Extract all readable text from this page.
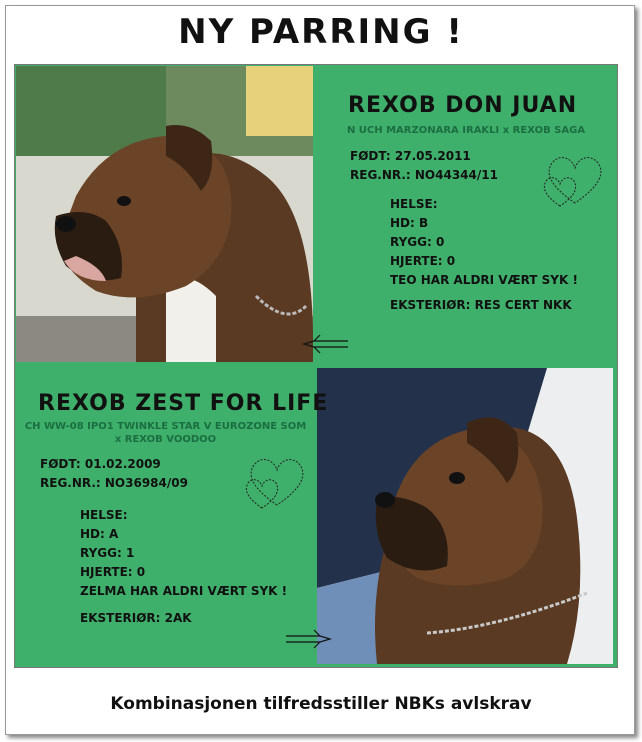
NY PARRING !
REXOB DON JUAN
N UCH MARZONARA IRAKLI x REXOB SAGA
FØDT: 27.05.2011
REG.NR.: NO44344/11
HELSE:
HD: B
RYGG: 0
HJERTE: 0
TEO HAR ALDRI VÆRT SYK !
EKSTERIØR: RES CERT NKK
REXOB ZEST FOR LIFE
CH WW-08 IPO1 TWINKLE STAR V EUROZONE SOM
x REXOB VOODOO
FØDT: 01.02.2009
REG.NR.: NO36984/09
HELSE:
HD: A
RYGG: 1
HJERTE: 0
ZELMA HAR ALDRI VÆRT SYK !
EKSTERIØR: 2AK
Kombinasjonen tilfredsstiller NBKs avlskrav
